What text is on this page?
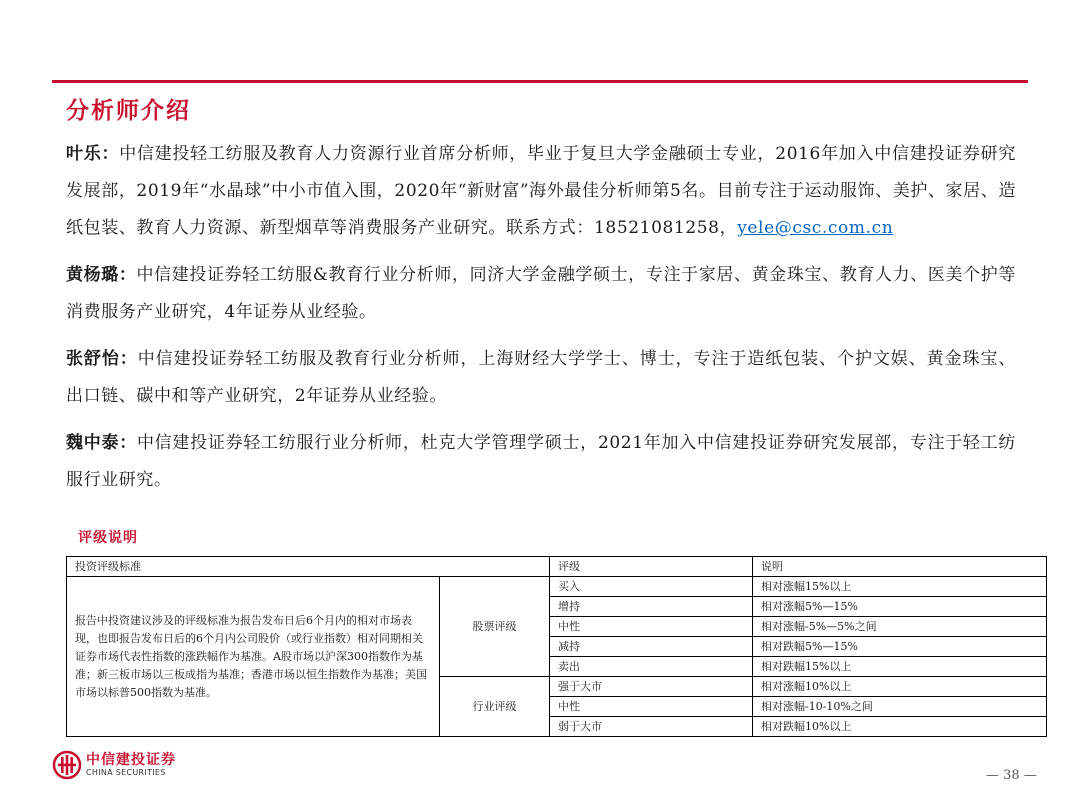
分析师介绍

叶乐：中信建投轻工纺服及教育人力资源行业首席分析师，毕业于复旦大学金融硕士专业，2016年加入中信建投证券研究发展部，2019年“水晶球”中小市值入围，2020年“新财富”海外最佳分析师第5名。目前专注于运动服饰、美护、家居、造纸包装、教育人力资源、新型烟草等消费服务产业研究。联系方式：18521081258，yele@csc.com.cn

黄杨璐：中信建投证券轻工纺服&教育行业分析师，同济大学金融学硕士，专注于家居、黄金珠宝、教育人力、医美个护等消费服务产业研究，4年证券从业经验。

张舒怡：中信建投证券轻工纺服及教育行业分析师，上海财经大学学士、博士，专注于造纸包装、个护文娱、黄金珠宝、出口链、碳中和等产业研究，2年证券从业经验。

魏中泰：中信建投证券轻工纺服行业分析师，杜克大学管理学硕士，2021年加入中信建投证券研究发展部，专注于轻工纺服行业研究。

评级说明
投资评级标准		评级	说明
报告中投资建议涉及的评级标准为报告发布日后6个月内的相对市场表现，也即报告发布日后的6个月内公司股价（或行业指数）相对同期相关证券市场代表性指数的涨跌幅作为基准。A股市场以沪深300指数作为基准；新三板市场以三板成指为基准；香港市场以恒生指数作为基准；美国市场以标普500指数为基准。	股票评级	买入	相对涨幅15%以上
		增持	相对涨幅5%—15%
		中性	相对涨幅-5%—5%之间
		减持	相对跌幅5%—15%
		卖出	相对跌幅15%以上
	行业评级	强于大市	相对涨幅10%以上
		中性	相对涨幅-10-10%之间
		弱于大市	相对跌幅10%以上
中信建投证券
CHINA SECURITIES	— 38 —
